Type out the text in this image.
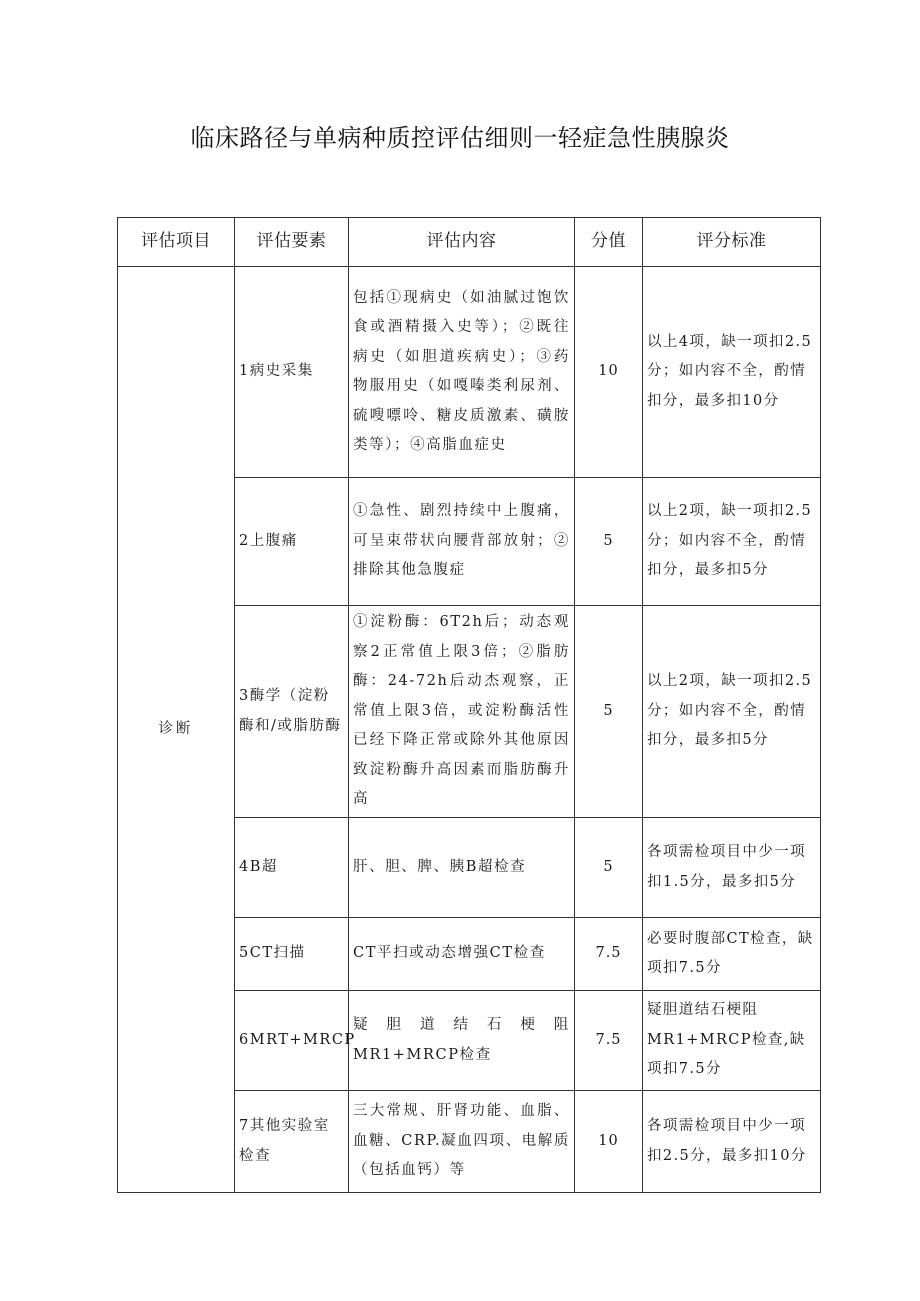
临床路径与单病种质控评估细则一轻症急性胰腺炎
评估项目	评估要素	评估内容	分值	评分标准
诊断	1病史采集	包括①现病史（如油腻过饱饮食或酒精摄入史等）；②既往病史（如胆道疾病史）；③药物服用史（如嘎嗪类利尿剂、硫嗖嘌呤、糖皮质激素、磺胺类等）；④高脂血症史	10	以上4项，缺一项扣2.5分；如内容不全，酌情扣分，最多扣10分
	2上腹痛	①急性、剧烈持续中上腹痛，可呈束带状向腰背部放射；②排除其他急腹症	5	以上2项，缺一项扣2.5分；如内容不全，酌情扣分，最多扣5分
	3酶学（淀粉酶和/或脂肪酶	①淀粉酶：6T2h后；动态观察2正常值上限3倍；②脂肪酶：24-72h后动杰观察，正常值上限3倍，或淀粉酶活性已经下降正常或除外其他原因致淀粉酶升高因素而脂肪酶升高	5	以上2项，缺一项扣2.5分；如内容不全，酌情扣分，最多扣5分
	4B超	肝、胆、脾、胰B超检查	5	各项需检项目中少一项扣1.5分，最多扣5分
	5CT扫描	CT平扫或动态增强CT检查	7.5	必要时腹部CT检查，缺项扣7.5分
	6MRT+MRCP	疑胆道结石梗阻MR1+MRCP检查	7.5	疑胆道结石梗阻MR1+MRCP检查,缺项扣7.5分
	7其他实验室检查	三大常规、肝肾功能、血脂、血糖、CRP.凝血四项、电解质（包括血钙）等	10	各项需检项目中少一项扣2.5分，最多扣10分
